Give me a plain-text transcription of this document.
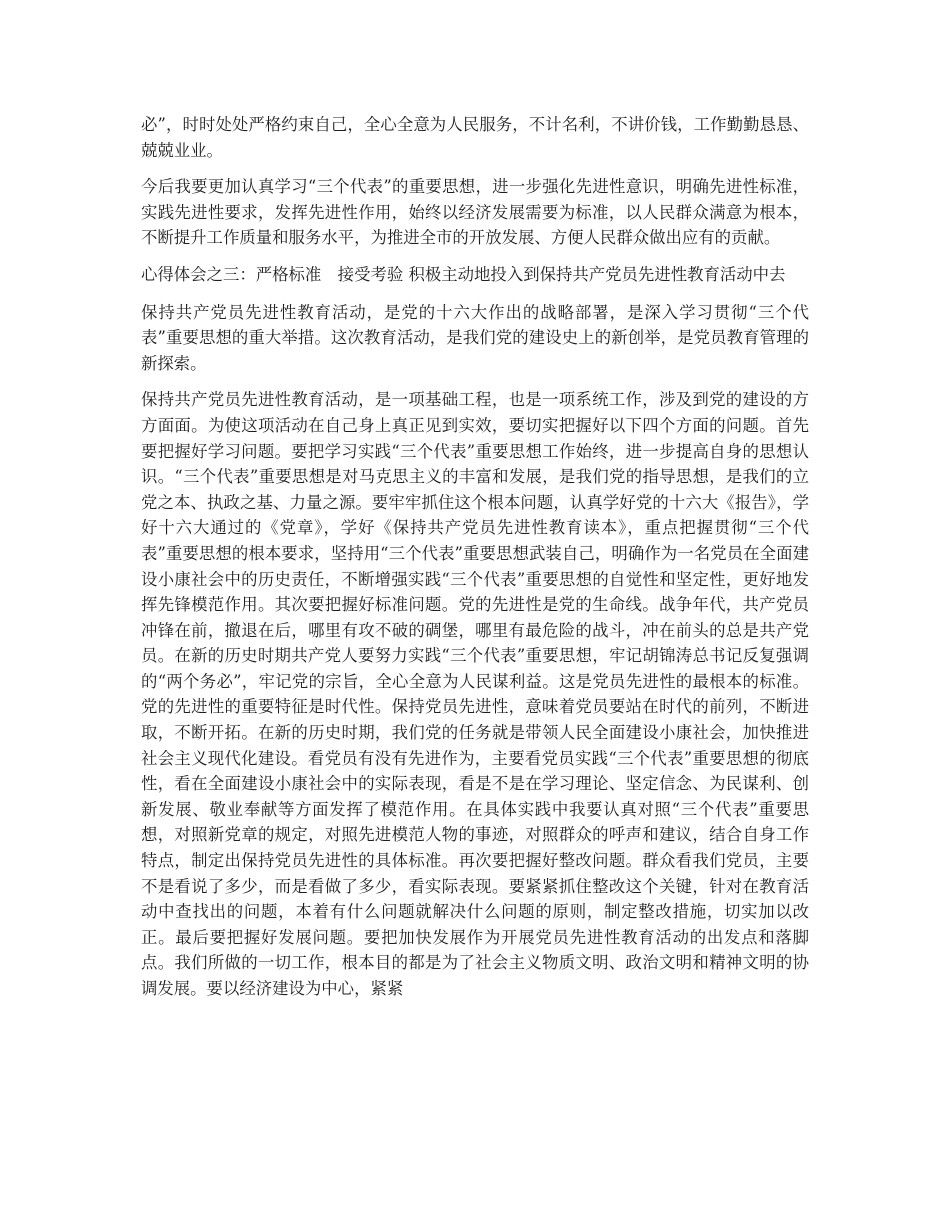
必”，时时处处严格约束自己，全心全意为人民服务，不计名利，不讲价钱，工作勤勤恳恳、兢兢业业。

今后我要更加认真学习“三个代表”的重要思想，进一步强化先进性意识，明确先进性标准，实践先进性要求，发挥先进性作用，始终以经济发展需要为标准，以人民群众满意为根本，不断提升工作质量和服务水平，为推进全市的开放发展、方便人民群众做出应有的贡献。

心得体会之三：严格标准　接受考验 积极主动地投入到保持共产党员先进性教育活动中去

保持共产党员先进性教育活动，是党的十六大作出的战略部署，是深入学习贯彻“三个代表”重要思想的重大举措。这次教育活动，是我们党的建设史上的新创举，是党员教育管理的新探索。

保持共产党员先进性教育活动，是一项基础工程，也是一项系统工作，涉及到党的建设的方方面面。为使这项活动在自己身上真正见到实效，要切实把握好以下四个方面的问题。首先要把握好学习问题。要把学习实践“三个代表”重要思想工作始终，进一步提高自身的思想认识。“三个代表”重要思想是对马克思主义的丰富和发展，是我们党的指导思想，是我们的立党之本、执政之基、力量之源。要牢牢抓住这个根本问题，认真学好党的十六大《报告》，学好十六大通过的《党章》，学好《保持共产党员先进性教育读本》，重点把握贯彻“三个代表”重要思想的根本要求，坚持用“三个代表”重要思想武装自己，明确作为一名党员在全面建设小康社会中的历史责任，不断增强实践“三个代表”重要思想的自觉性和坚定性，更好地发挥先锋模范作用。其次要把握好标准问题。党的先进性是党的生命线。战争年代，共产党员冲锋在前，撤退在后，哪里有攻不破的碉堡，哪里有最危险的战斗，冲在前头的总是共产党员。在新的历史时期共产党人要努力实践“三个代表”重要思想，牢记胡锦涛总书记反复强调的“两个务必”，牢记党的宗旨，全心全意为人民谋利益。这是党员先进性的最根本的标准。党的先进性的重要特征是时代性。保持党员先进性，意味着党员要站在时代的前列，不断进取，不断开拓。在新的历史时期，我们党的任务就是带领人民全面建设小康社会，加快推进社会主义现代化建设。看党员有没有先进作为，主要看党员实践“三个代表”重要思想的彻底性，看在全面建设小康社会中的实际表现，看是不是在学习理论、坚定信念、为民谋利、创新发展、敬业奉献等方面发挥了模范作用。在具体实践中我要认真对照“三个代表”重要思想，对照新党章的规定，对照先进模范人物的事迹，对照群众的呼声和建议，结合自身工作特点，制定出保持党员先进性的具体标准。再次要把握好整改问题。群众看我们党员，主要不是看说了多少，而是看做了多少，看实际表现。要紧紧抓住整改这个关键，针对在教育活动中查找出的问题，本着有什么问题就解决什么问题的原则，制定整改措施，切实加以改正。最后要把握好发展问题。要把加快发展作为开展党员先进性教育活动的出发点和落脚点。我们所做的一切工作，根本目的都是为了社会主义物质文明、政治文明和精神文明的协调发展。要以经济建设为中心，紧紧
